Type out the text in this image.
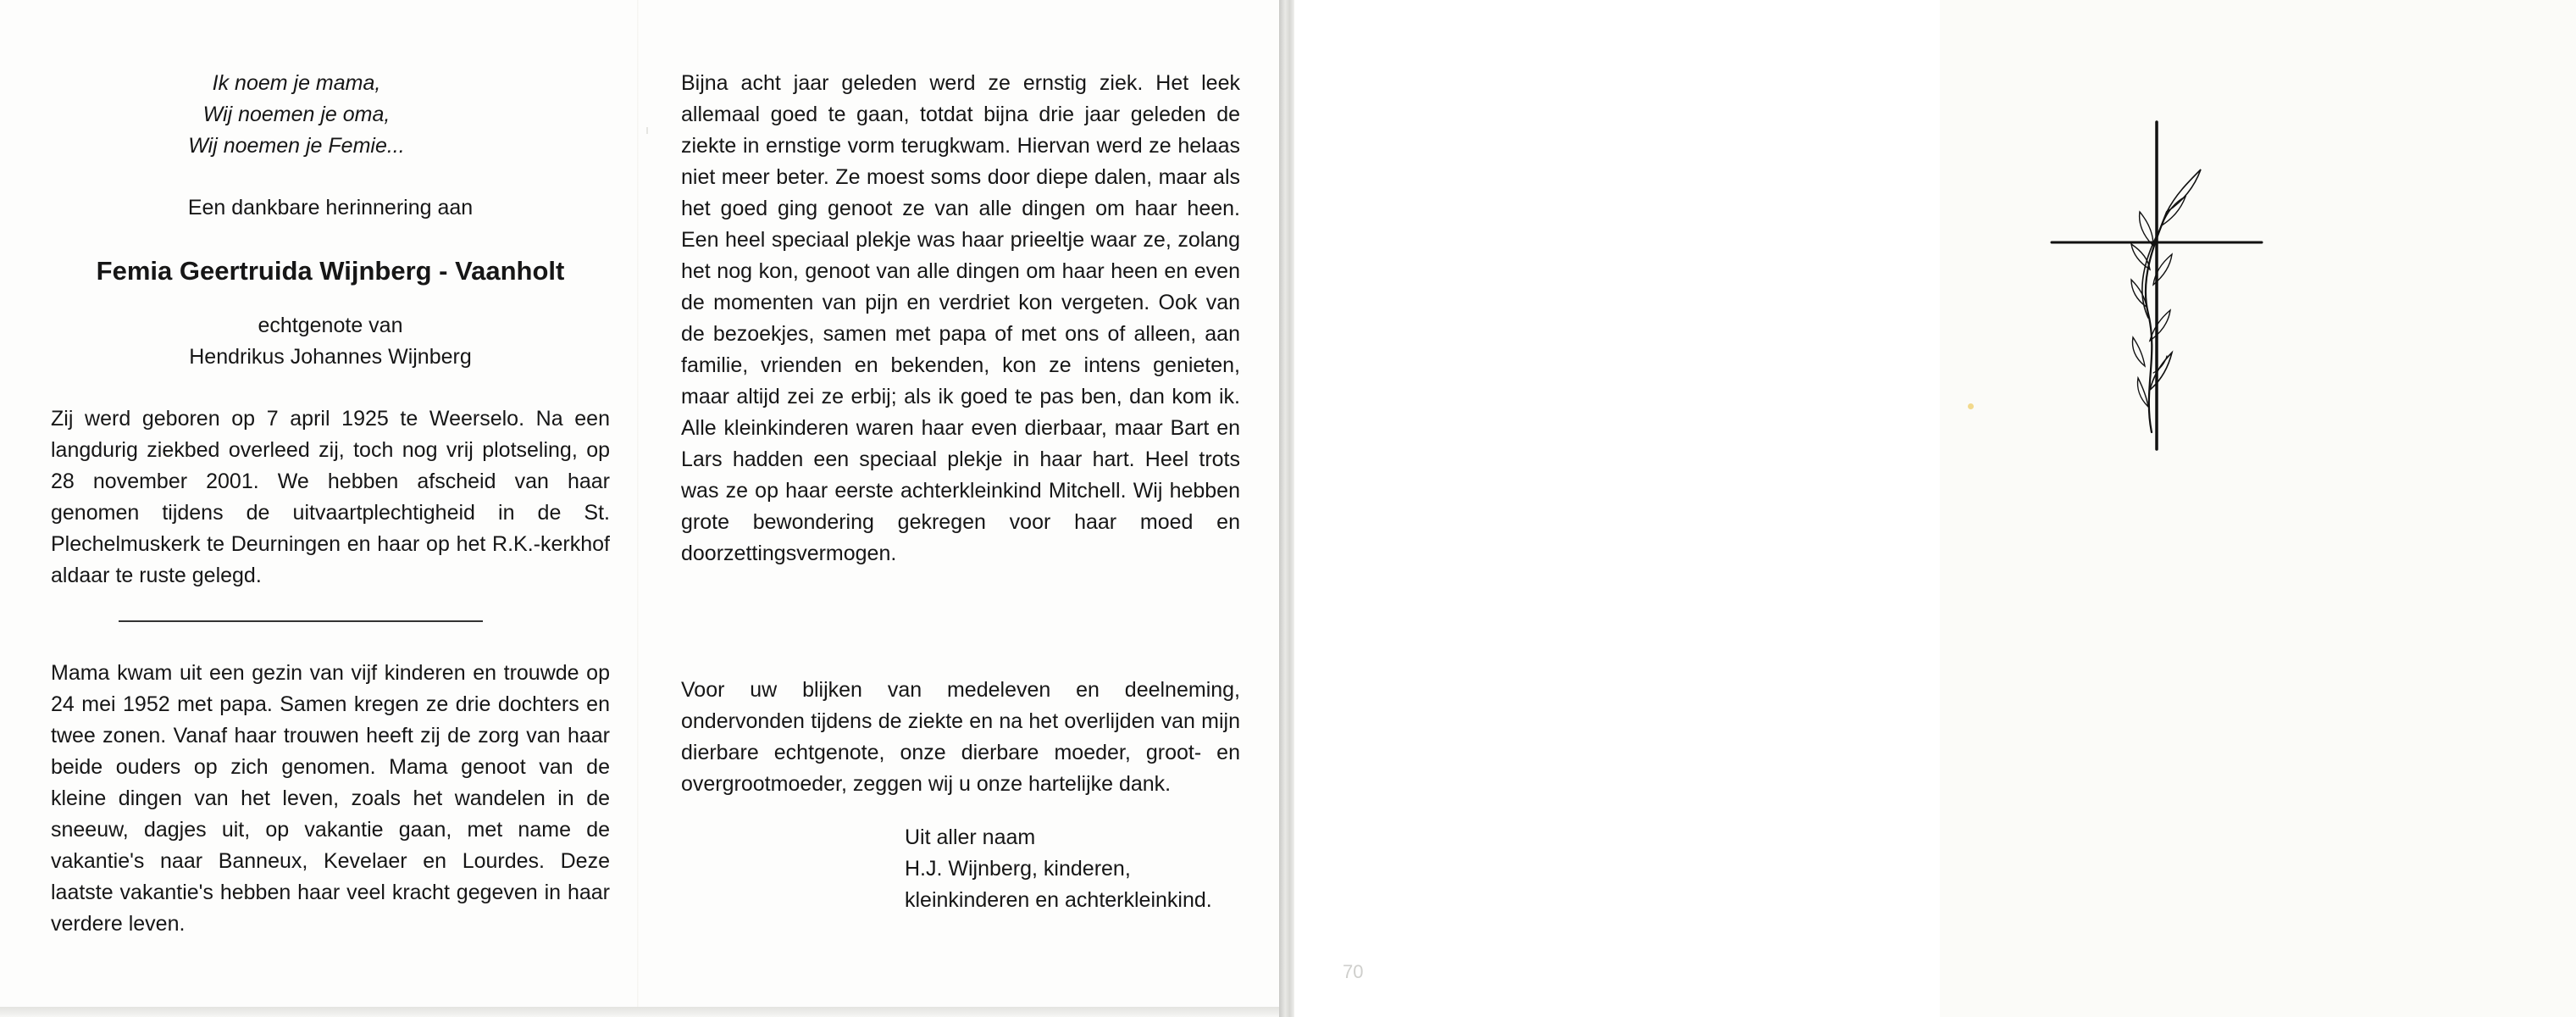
Ik noem je mama,
Wij noemen je oma,
Wij noemen je Femie...
Een dankbare herinnering aan
Femia Geertruida Wijnberg - Vaanholt
echtgenote van
Hendrikus Johannes Wijnberg

Zij werd geboren op 7 april 1925 te Weerselo. Na een langdurig ziekbed overleed zij, toch nog vrij plotseling, op 28 november 2001. We hebben afscheid van haar genomen tijdens de uitvaartplechtigheid in de St. Plechelmuskerk te Deurningen en haar op het R.K.-kerkhof aldaar te ruste gelegd.

Mama kwam uit een gezin van vijf kinderen en trouwde op 24 mei 1952 met papa. Samen kregen ze drie dochters en twee zonen. Vanaf haar trouwen heeft zij de zorg van haar beide ouders op zich genomen. Mama genoot van de kleine dingen van het leven, zoals het wandelen in de sneeuw, dagjes uit, op vakantie gaan, met name de vakantie's naar Banneux, Kevelaer en Lourdes. Deze laatste vakantie's hebben haar veel kracht gegeven in haar verdere leven.

Bijna acht jaar geleden werd ze ernstig ziek. Het leek allemaal goed te gaan, totdat bijna drie jaar geleden de ziekte in ernstige vorm terugkwam. Hiervan werd ze helaas niet meer beter. Ze moest soms door diepe dalen, maar als het goed ging genoot ze van alle dingen om haar heen. Een heel speciaal plekje was haar prieeltje waar ze, zolang het nog kon, genoot van alle dingen om haar heen en even de momenten van pijn en verdriet kon vergeten. Ook van de bezoekjes, samen met papa of met ons of alleen, aan familie, vrienden en bekenden, kon ze intens genieten, maar altijd zei ze erbij; als ik goed te pas ben, dan kom ik. Alle kleinkinderen waren haar even dierbaar, maar Bart en Lars hadden een speciaal plekje in haar hart. Heel trots was ze op haar eerste achterkleinkind Mitchell. Wij hebben grote bewondering gekregen voor haar moed en doorzettingsvermogen.

Voor uw blijken van medeleven en deelneming, ondervonden tijdens de ziekte en na het overlijden van mijn dierbare echtgenote, onze dierbare moeder, groot- en overgrootmoeder, zeggen wij u onze hartelijke dank.

Uit aller naam
H.J. Wijnberg, kinderen,
kleinkinderen en achterkleinkind.
70
